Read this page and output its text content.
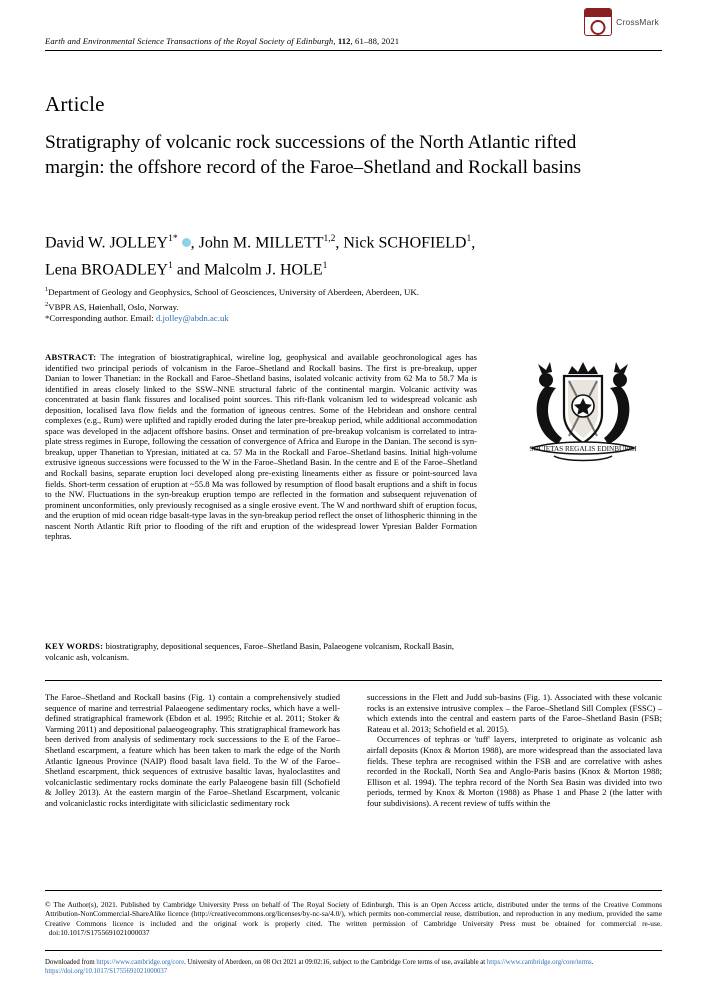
CrossMark
Earth and Environmental Science Transactions of the Royal Society of Edinburgh, 112, 61–88, 2021
Article
Stratigraphy of volcanic rock successions of the North Atlantic rifted margin: the offshore record of the Faroe–Shetland and Rockall basins
David W. $JOLLEY^{1*}$ , John M. MILLETT$^{1,2}$, Nick SCHOFIELD$^1$,
Lena BROADLEY$^1$ and Malcolm J. HOLE$^1$
$^1$Department of Geology and Geophysics, School of Geosciences, University of Aberdeen, Aberdeen, UK.
$^2$VBPR AS, Høienhall, Oslo, Norway.
*Corresponding author. Email: d.jolley@abdn.ac.uk
ABSTRACT: The integration of biostratigraphical, wireline log, geophysical and available geochronological ages has identified two principal periods of volcanism in the Faroe–Shetland and Rockall basins. The first is pre-breakup, upper Danian to lower Thanetian: in the Rockall and Faroe–Shetland basins, isolated volcanic activity from 62 Ma to 58.7 Ma is identified in areas closely linked to the SSW–NNE structural fabric of the continental margin. Volcanic activity was concentrated at basin flank fissures and localised point sources. This rift-flank volcanism led to widespread volcanic ash deposition, localised lava flow fields and the formation of igneous centres. Some of the Hebridean and onshore central complexes (e.g., Rum) were uplifted and rapidly eroded during the later pre-breakup period, while additional accommodation space was developed in the adjacent offshore basins. Onset and termination of pre-breakup volcanism is correlated to intra-plate stress regimes in Europe, following the cessation of convergence of Africa and Europe in the Danian. The second is syn-breakup, upper Thanetian to Ypresian, initiated at ca. 57 Ma in the Rockall and Faroe–Shetland basins. Initial high-volume extrusive igneous successions were focussed to the W in the Faroe–Shetland Basin. In the centre and E of the Faroe–Shetland and Rockall basins, separate eruption loci developed along pre-existing lineaments either as fissure or point-sourced lava fields. Short-term cessation of eruption at ~55.8 Ma was followed by resumption of flood basalt eruptions and a shift in focus to the NW. Fluctuations in the syn-breakup eruption tempo are reflected in the formation and subsequent rejuvenation of prominent unconformities, only previously recognised as a single erosive event. The W and northward shift of eruption focus, and the eruption of mid ocean ridge basalt-type lavas in the syn-breakup period reflect the onset of lithospheric thinning in the nascent North Atlantic Rift prior to flooding of the rift and eruption of the widespread lower Ypresian Balder Formation tephras.
KEY WORDS: biostratigraphy, depositional sequences, Faroe–Shetland Basin, Palaeogene volcanism, Rockall Basin, volcanic ash, volcanism.
SOCIETAS REGALIS EDINBURGI

The Faroe–Shetland and Rockall basins (Fig. 1) contain a comprehensively studied sequence of marine and terrestrial Palaeogene sedimentary rocks, which have a well-defined stratigraphical framework (Ebdon et al. 1995; Ritchie et al. 2011; Stoker & Varming 2011) and depositional palaeogeography. This stratigraphical framework has been derived from analysis of sedimentary rock successions to the E of the Faroe–Shetland escarpment, a feature which has been taken to mark the edge of the North Atlantic Igneous Province (NAIP) flood basalt lava field. To the W of the Faroe–Shetland escarpment, thick sequences of extrusive basaltic lavas, hyaloclastites and volcaniclastic sedimentary rocks dominate the early Palaeogene basin fill (Schofield & Jolley 2013). At the eastern margin of the Faroe–Shetland Escarpment, volcanic and volcaniclastic rocks interdigitate with siliciclastic sedimentary rock

successions in the Flett and Judd sub-basins (Fig. 1). Associated with these volcanic rocks is an extensive intrusive complex – the Faroe–Shetland Sill Complex (FSSC) – which extends into the central and eastern parts of the Faroe–Shetland Basin (FSB; Rateau et al. 2013; Schofield et al. 2015).

Occurrences of tephras or 'tuff' layers, interpreted to originate as volcanic ash airfall deposits (Knox & Morton 1988), are more widespread than the associated lava fields. These tephra are recognised within the FSB and are correlative with ashes recorded in the Rockall, North Sea and Anglo-Paris basins (Knox & Morton 1988; Ellison et al. 1994). The tephra record of the North Sea Basin was divided into two periods, termed by Knox & Morton (1988) as Phase 1 and Phase 2 (the latter with four subdivisions). A recent review of tuffs within the

© The Author(s), 2021. Published by Cambridge University Press on behalf of The Royal Society of Edinburgh. This is an Open Access article, distributed under the terms of the Creative Commons Attribution-NonCommercial-ShareAlike licence (http://creativecommons.org/licenses/by-nc-sa/4.0/), which permits non-commercial reuse, distribution, and reproduction in any medium, provided the same Creative Commons licence is included and the original work is properly cited. The written permission of Cambridge University Press must be obtained for commercial re-use.   doi:10.1017/S1755691021000037
Downloaded from https://www.cambridge.org/core. University of Aberdeen, on 08 Oct 2021 at 09:02:16, subject to the Cambridge Core terms of use, available at https://www.cambridge.org/core/terms.
https://doi.org/10.1017/S1755691021000037
